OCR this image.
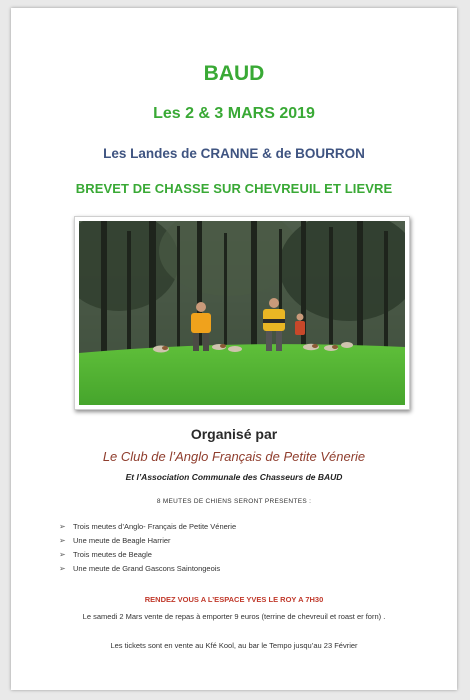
BAUD
Les 2 & 3 MARS 2019
Les Landes de CRANNE & de BOURRON
BREVET DE CHASSE SUR CHEVREUIL ET LIEVRE
Organisé par
Le Club de l’Anglo Français de Petite Vénerie
Et l’Association Communale des Chasseurs de BAUD
8 MEUTES DE CHIENS SERONT PRESENTES :
➢ Trois meutes d’Anglo- Français de Petite Vénerie
➢ Une meute de Beagle Harrier
➢ Trois meutes de Beagle
➢ Une meute de Grand Gascons Saintongeois
RENDEZ VOUS A L’ESPACE YVES LE ROY A 7H30
Le samedi 2 Mars vente de repas à emporter 9 euros (terrine de chevreuil et roast er forn) .
Les tickets sont en vente au Kfé Kool, au bar le Tempo jusqu’au 23 Février
